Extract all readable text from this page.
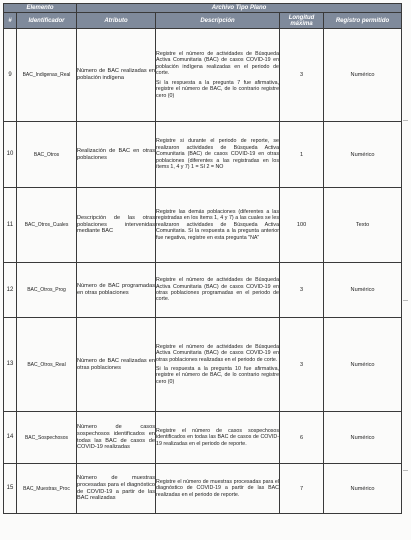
Elemento		Archivo Tipo Plano			
#	Identificador	Atributo	Descripción	Longitud máxima	Registro permitido
9	BAC_Indigenas_Real	Número de BAC realizadas en población indígena	Registre el número de actividades de Búsqueda Activa Comunitaria (BAC) de casos COVID-19 en población indígena realizadas en el periodo de corte.

Si la respuesta a la pregunta 7 fue afirmativa, registre el número de BAC, de lo contrario registre cero (0)	3	Numérico
10	BAC_Otros	Realización de BAC en otras poblaciones	Registre si durante el periodo de reporte, se realizaron actividades de Búsqueda Activa Comunitaria (BAC) de casos COVID-19 en otras poblaciones (diferentes a las registradas en los ítems 1, 4 y 7) 1 = SI 2 = NO	1	Numérico
11	BAC_Otros_Cuales	Descripción de las otras poblaciones intervenidas mediante BAC	Registre las demás poblaciones (diferentes a las registradas en los ítems 1, 4 y 7) a las cuales se les realizaron actividades de Búsqueda Activa Comunitaria. Si la respuesta a la pregunta anterior fue negativa, registre en esta pregunta "NA"	100	Texto
12	BAC_Otros_Prog	Número de BAC programadas en otras poblaciones	Registre el número de actividades de Búsqueda Activa Comunitaria (BAC) de casos COVID-19 en otras poblaciones programadas en el periodo de corte.	3	Numérico
13	BAC_Otros_Real	Número de BAC realizadas en otras poblaciones	Registre el número de actividades de Búsqueda Activa Comunitaria (BAC) de casos COVID-19 en otras poblaciones realizadas en el periodo de corte.

Si la respuesta a la pregunta 10 fue afirmativa, registre el número de BAC, de lo contrario registre cero (0)	3	Numérico
14	BAC_Sospechosos	Número de casos sospechosos identificados en todas las BAC de casos de COVID-19 realizadas	Registre el número de casos sospechosos identificados en todas las BAC de casos de COVID-19 realizadas en el periodo de reporte.	6	Numérico
15	BAC_Muestras_Proc	Número de muestras procesadas para el diagnóstico de COVID-19 a partir de las BAC realizadas	Registre el número de muestras procesadas para el diagnóstico de COVID-19 a partir de las BAC realizadas en el periodo de reporte.	7	Numérico
